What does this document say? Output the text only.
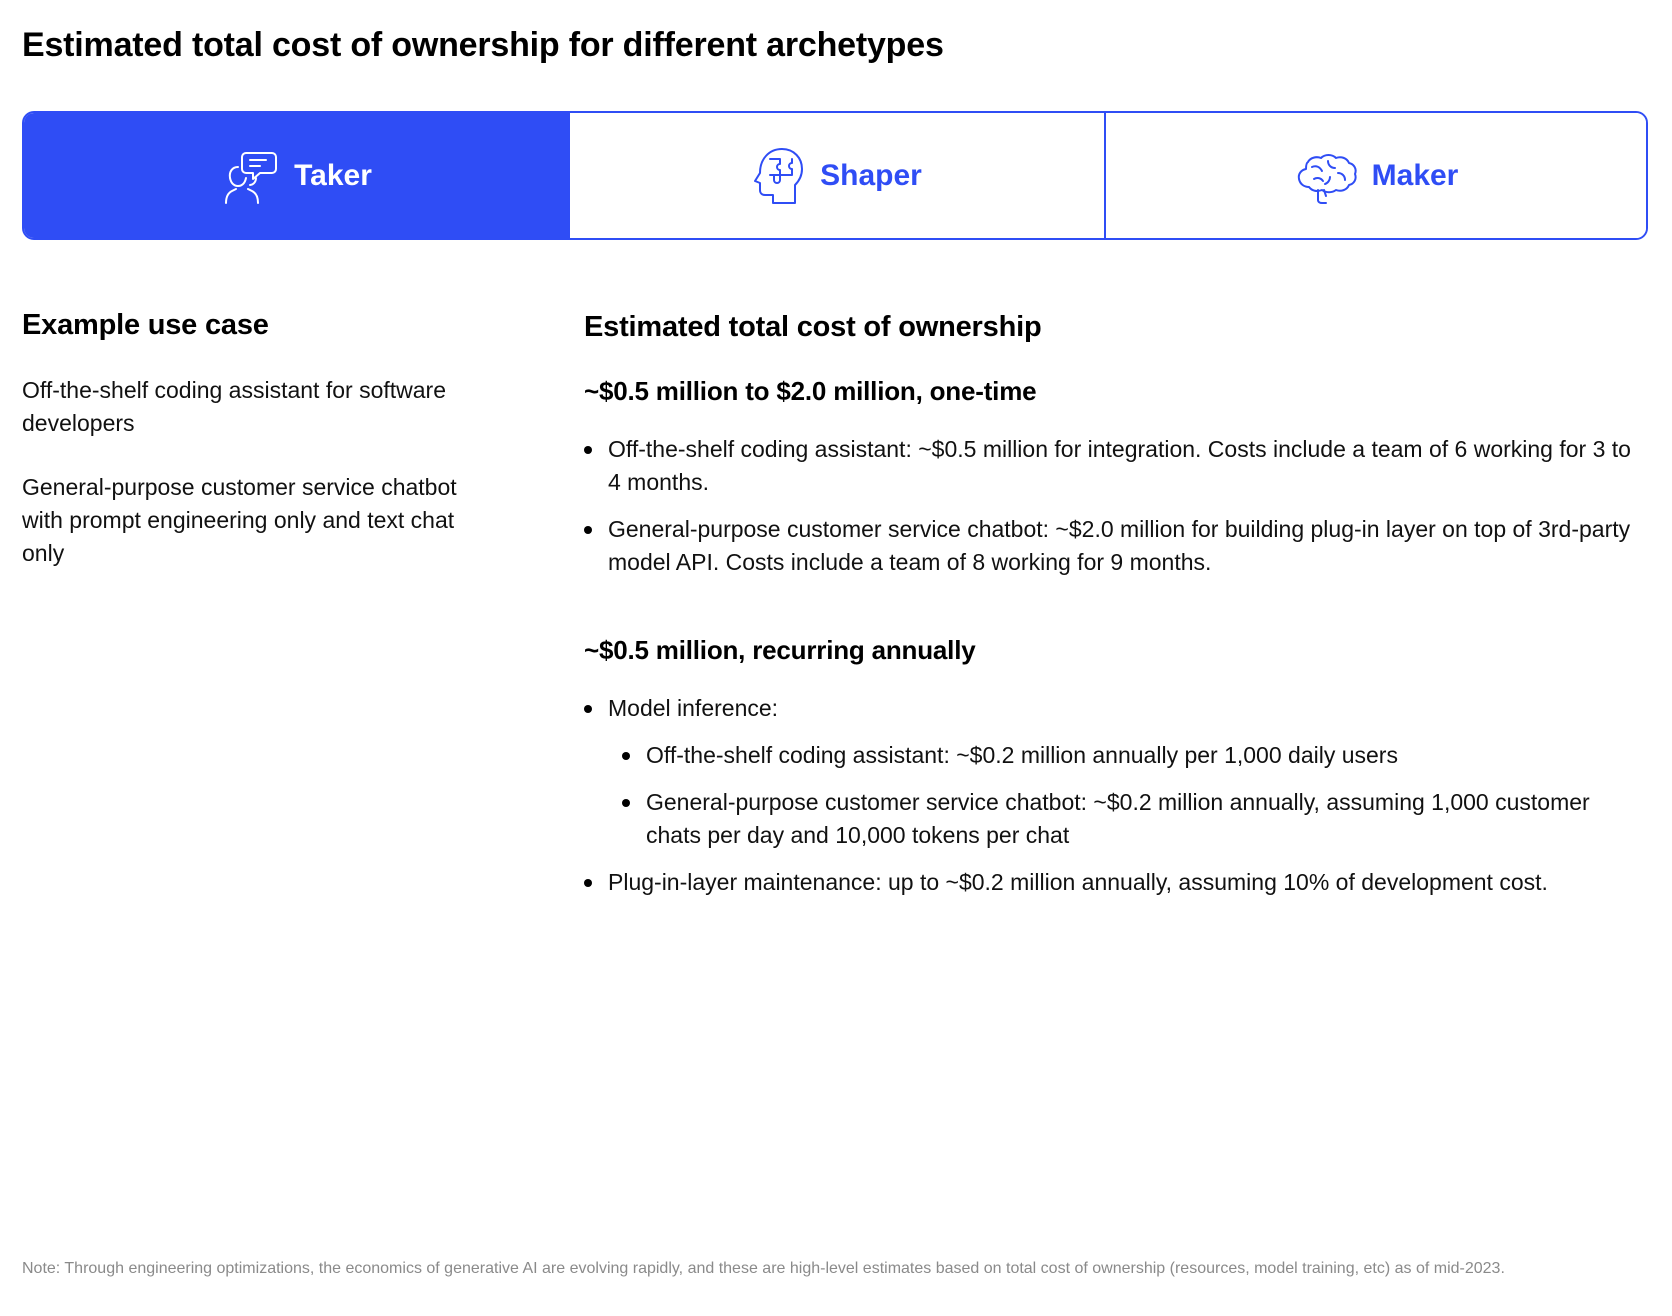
Estimated total cost of ownership for different archetypes
Taker	Shaper	Maker
Example use case

Off-the-shelf coding assistant for software developers

General-purpose customer service chatbot with prompt engineering only and text chat only

Estimated total cost of ownership
~$0.5 million to $2.0 million, one-time
Off-the-shelf coding assistant: ~$0.5 million for integration. Costs include a team of 6 working for 3 to 4 months.
General-purpose customer service chatbot: ~$2.0 million for building plug-in layer on top of 3rd-party model API. Costs include a team of 8 working for 9 months.
~$0.5 million, recurring annually
Model inference:
Off-the-shelf coding assistant: ~$0.2 million annually per 1,000 daily users
General-purpose customer service chatbot: ~$0.2 million annually, assuming 1,000 customer chats per day and 10,000 tokens per chat
Plug-in-layer maintenance: up to ~$0.2 million annually, assuming 10% of development cost.
Note: Through engineering optimizations, the economics of generative AI are evolving rapidly, and these are high-level estimates based on total cost of ownership (resources, model training, etc) as of mid-2023.
